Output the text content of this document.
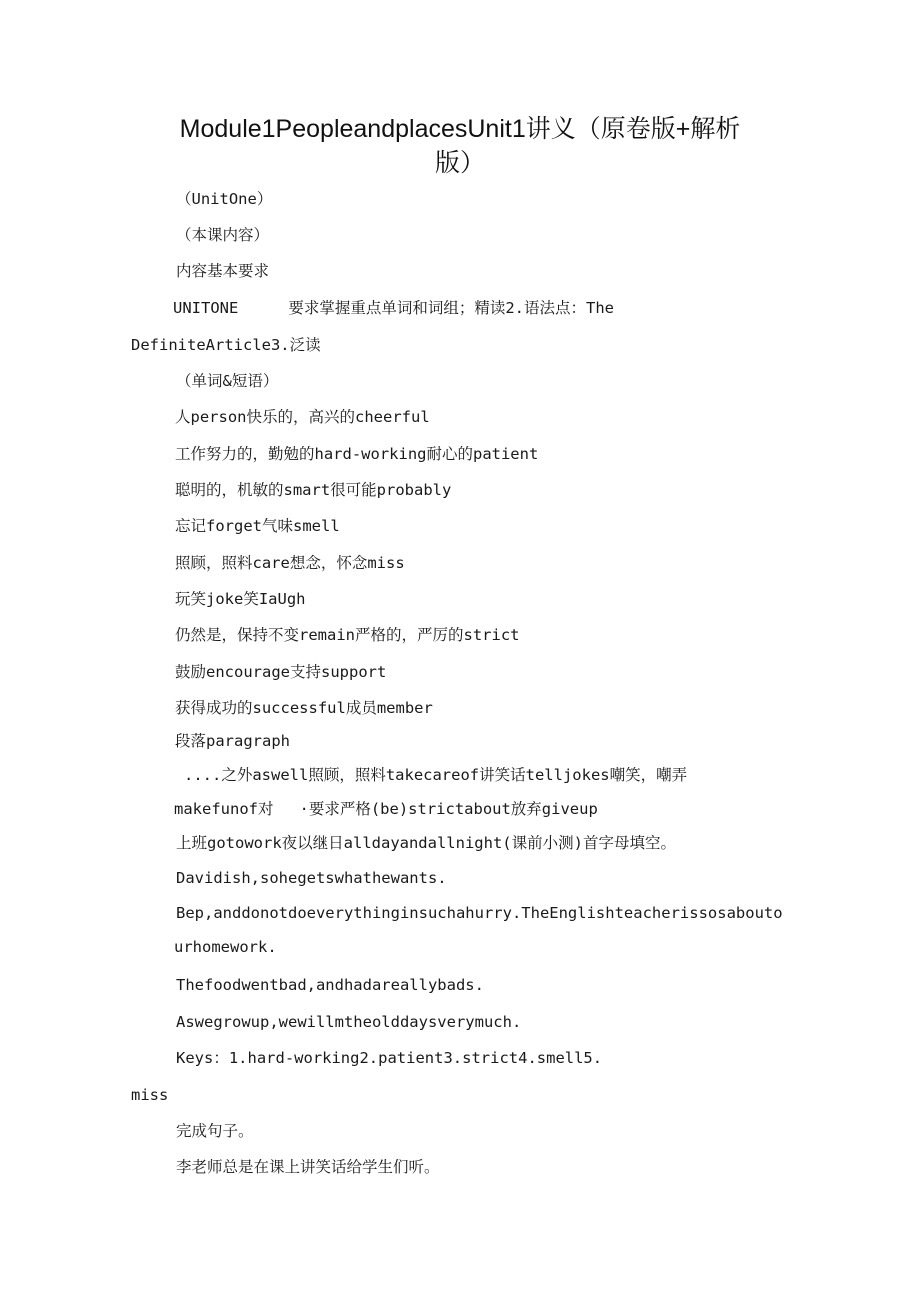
Module1PeopleandplacesUnit1讲义（原卷版+解析
版）
（UnitOne）
（本课内容）
内容基本要求
UNITONE	要求掌握重点单词和词组；精读2.语法点：The
DefiniteArticle3.泛读
（单词&短语）
人person快乐的，高兴的cheerful
工作努力的，勤勉的hard-working耐心的patient
聪明的，机敏的smart很可能probably
忘记forget气味smell
照顾，照料care想念，怀念miss
玩笑joke笑IaUgh
仍然是，保持不变remain严格的，严厉的strict
鼓励encourage支持support
获得成功的successful成员member
段落paragraph
....之外aswell照顾，照料takecareof讲笑话telljokes嘲笑，嘲弄
makefunof对 ·要求严格(be)strictabout放弃giveup
上班gotowork夜以继日alldayandallnight(课前小测)首字母填空。
Davidish,sohegetswhathewants.
Bep,anddonotdoeverythinginsuchahurry.TheEnglishteacherissosabouto
urhomework.
Thefoodwentbad,andhadareallybads.
Aswegrowup,wewillmtheolddaysverymuch.
Keys：1.hard-working2.patient3.strict4.smell5.
miss
完成句子。
李老师总是在课上讲笑话给学生们听。
